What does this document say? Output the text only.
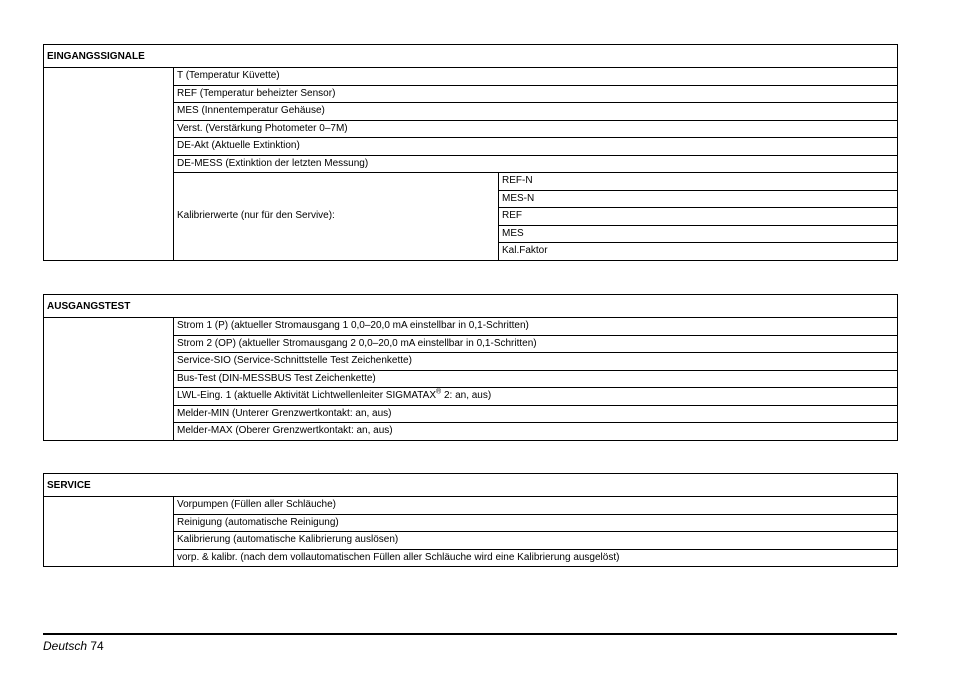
EINGANGSSIGNALE		
	T (Temperatur Küvette)	
	REF (Temperatur beheizter Sensor)	
	MES (Innentemperatur Gehäuse)	
	Verst. (Verstärkung Photometer 0–7M)	
	DE-Akt (Aktuelle Extinktion)	
	DE-MESS (Extinktion der letzten Messung)	
	Kalibrierwerte (nur für den Servive):	REF-N
		MES-N
		REF
		MES
		Kal.Faktor
AUSGANGSTEST
	Strom 1 (P) (aktueller Stromausgang 1 0,0–20,0 mA einstellbar in 0,1-Schritten)
Strom 2 (OP) (aktueller Stromausgang 2 0,0–20,0 mA einstellbar in 0,1-Schritten)
Service-SIO (Service-Schnittstelle Test Zeichenkette)
Bus-Test (DIN-MESSBUS Test Zeichenkette)
LWL-Eing. 1 (aktuelle Aktivität Lichtwellenleiter SIGMATAX® 2: an, aus)
Melder-MIN (Unterer Grenzwertkontakt: an, aus)
Melder-MAX (Oberer Grenzwertkontakt: an, aus)
SERVICE
	Vorpumpen (Füllen aller Schläuche)
Reinigung (automatische Reinigung)
Kalibrierung (automatische Kalibrierung auslösen)
vorp. & kalibr. (nach dem vollautomatischen Füllen aller Schläuche wird eine Kalibrierung ausgelöst)
Deutsch 74
